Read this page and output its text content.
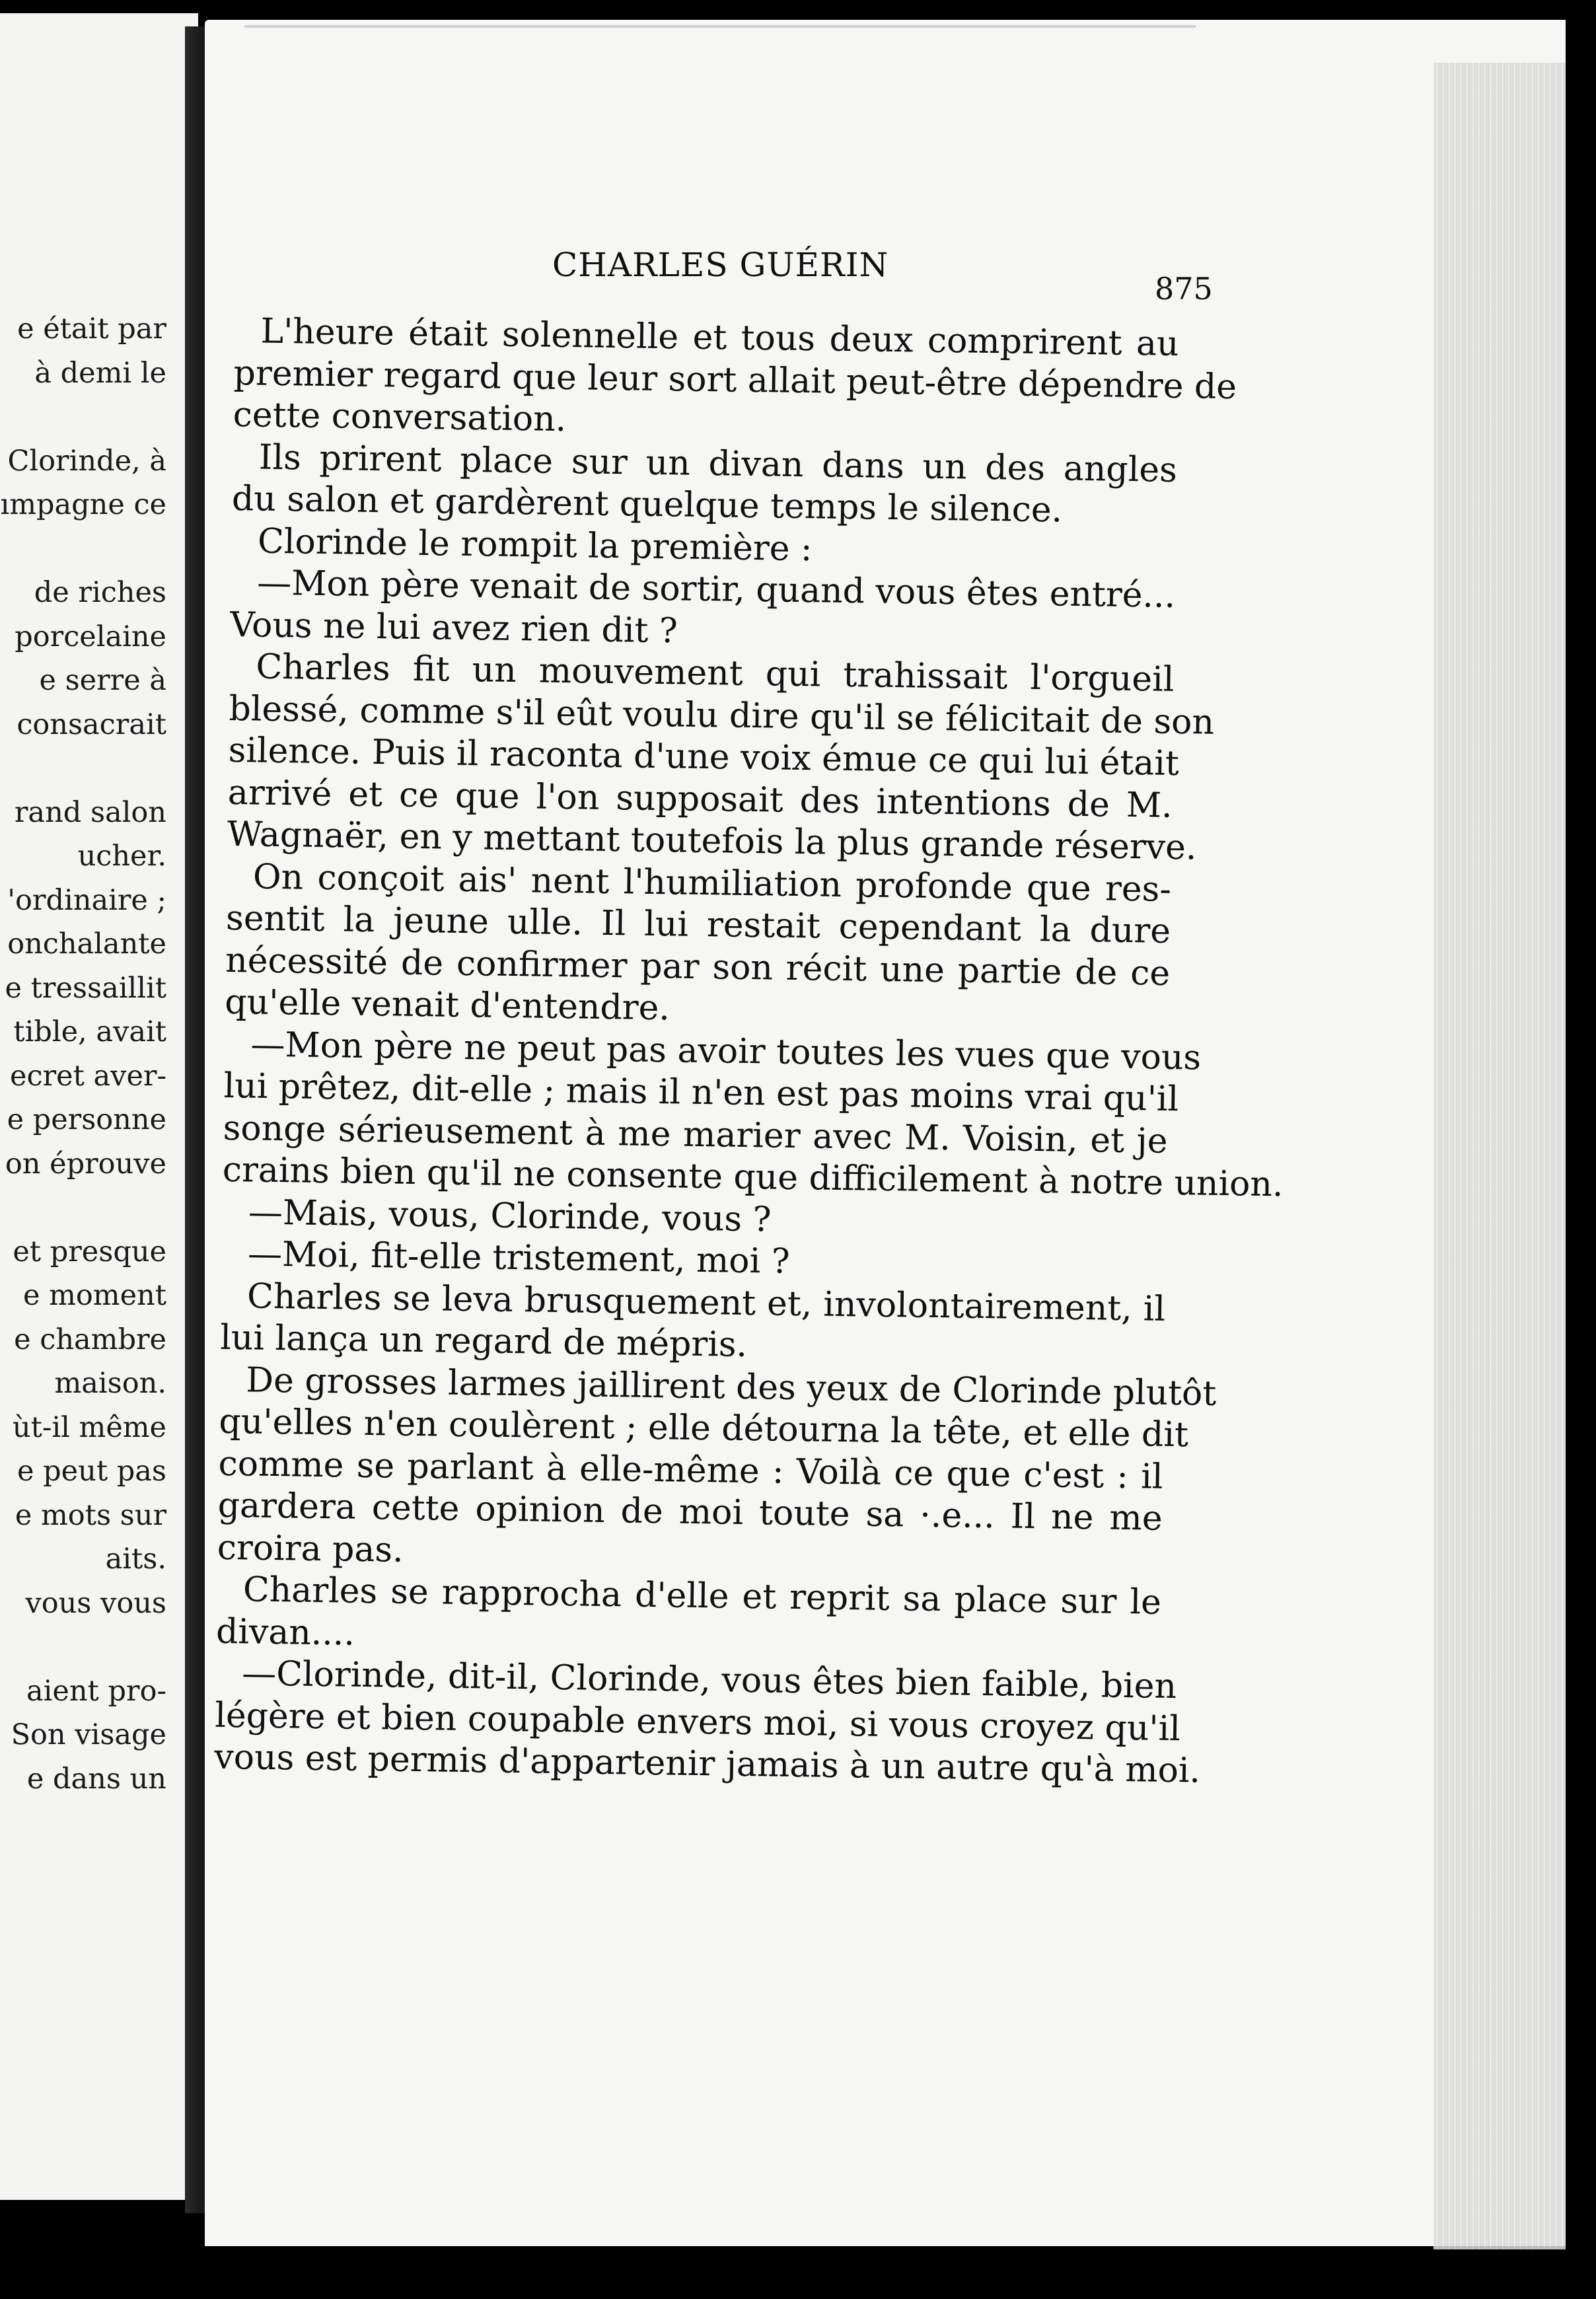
e était par
à demi le
Clorinde, à
ımpagne ce
de riches
porcelaine
e serre à
consacrait
rand salon
ucher.
'ordinaire ;
onchalante
e tressaillit
tible, avait
ecret aver-
e personne
on éprouve
et presque
e moment
e chambre
maison.
ùt-il même
e peut pas
e mots sur
aits.
vous vous
aient pro-
Son visage
e dans un
CHARLES GUÉRIN
875
L'heure était solennelle et tous deux comprirent au
premier regard que leur sort allait peut-être dépendre de
cette conversation.
Ils prirent place sur un divan dans un des angles
du salon et gardèrent quelque temps le silence.
Clorinde le rompit la première :
—Mon père venait de sortir, quand vous êtes entré...
Vous ne lui avez rien dit ?
Charles fit un mouvement qui trahissait l'orgueil
blessé, comme s'il eût voulu dire qu'il se félicitait de son
silence. Puis il raconta d'une voix émue ce qui lui était
arrivé et ce que l'on supposait des intentions de M.
Wagnaër, en y mettant toutefois la plus grande réserve.
On conçoit ais' nent l'humiliation profonde que res-
sentit la jeune ulle. Il lui restait cependant la dure
nécessité de confirmer par son récit une partie de ce
qu'elle venait d'entendre.
—Mon père ne peut pas avoir toutes les vues que vous
lui prêtez, dit-elle ; mais il n'en est pas moins vrai qu'il
songe sérieusement à me marier avec M. Voisin, et je
crains bien qu'il ne consente que difficilement à notre union.
—Mais, vous, Clorinde, vous ?
—Moi, fit-elle tristement, moi ?
Charles se leva brusquement et, involontairement, il
lui lança un regard de mépris.
De grosses larmes jaillirent des yeux de Clorinde plutôt
qu'elles n'en coulèrent ; elle détourna la tête, et elle dit
comme se parlant à elle-même : Voilà ce que c'est : il
gardera cette opinion de moi toute sa ·.e... Il ne me
croira pas.
Charles se rapprocha d'elle et reprit sa place sur le
divan....
—Clorinde, dit-il, Clorinde, vous êtes bien faible, bien
légère et bien coupable envers moi, si vous croyez qu'il
vous est permis d'appartenir jamais à un autre qu'à moi.
